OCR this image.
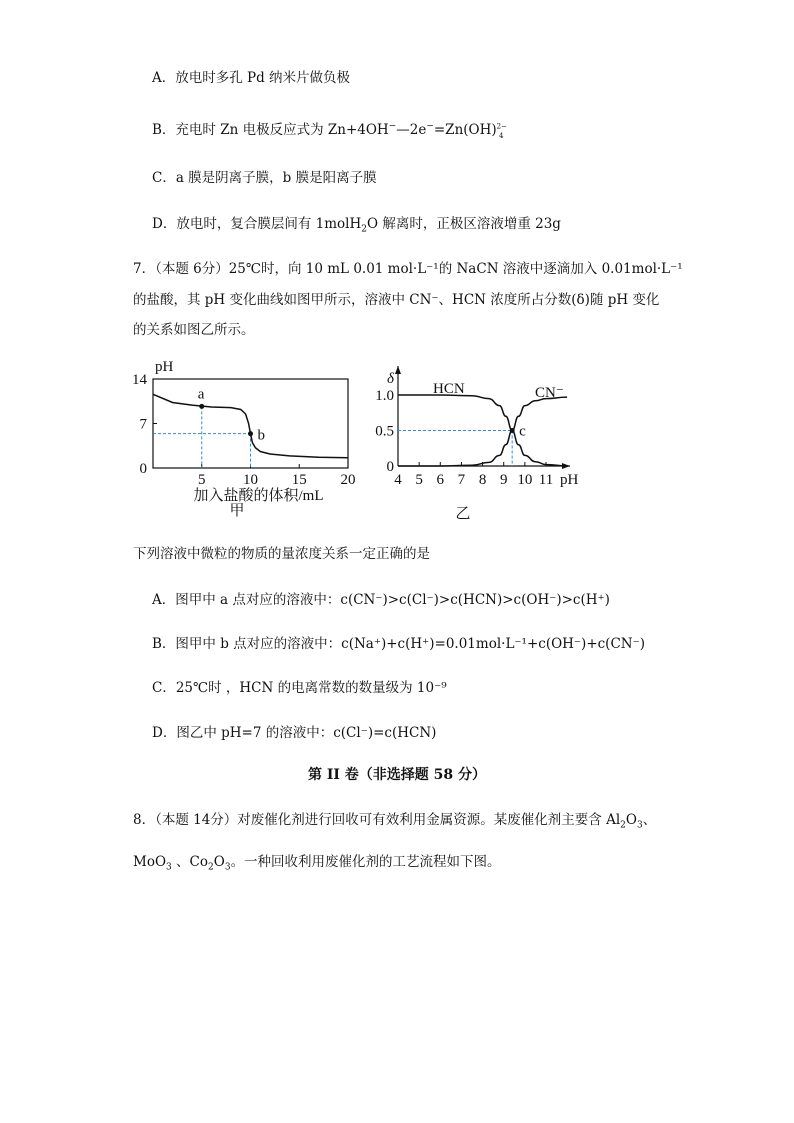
A．放电时多孔 Pd 纳米片做负极
B．充电时 Zn 电极反应式为 Zn+4OH−—2e−=Zn(OH)$^{2-}_4$
C．a 膜是阴离子膜，b 膜是阳离子膜
D．放电时，复合膜层间有 1molH$_2$O 解离时，正极区溶液增重 23g
7．（本题 6分）25℃时，向 10 mL 0.01 mol·L⁻¹的 NaCN 溶液中逐滴加入 0.01mol·L⁻¹
的盐酸，其 pH 变化曲线如图甲所示，溶液中 CN⁻、HCN 浓度所占分数(δ)随 pH 变化
的关系如图乙所示。
pH
0
7
14
5	10 15 20
加入盐酸的体积/mL
甲
a
b
δ
pH
0
0.5
1.0
4 5 6 7 8 9 10 11
乙
HCN	CN⁻
c
下列溶液中微粒的物质的量浓度关系一定正确的是
A．图甲中 a 点对应的溶液中：c(CN⁻)>c(Cl⁻)>c(HCN)>c(OH⁻)>c(H⁺)
B．图甲中 b 点对应的溶液中：c(Na⁺)+c(H⁺)=0.01mol·L⁻¹+c(OH⁻)+c(CN⁻)
C．25℃时 ，HCN 的电离常数的数量级为 10⁻⁹
D．图乙中 pH=7 的溶液中：c(Cl⁻)=c(HCN)
第 II 卷（非选择题 58 分）
8．（本题 14分）对废催化剂进行回收可有效利用金属资源。某废催化剂主要含 $Al_2O_3$、
MoO$_3$ 、$Co_2O_3$。一种回收利用废催化剂的工艺流程如下图。
